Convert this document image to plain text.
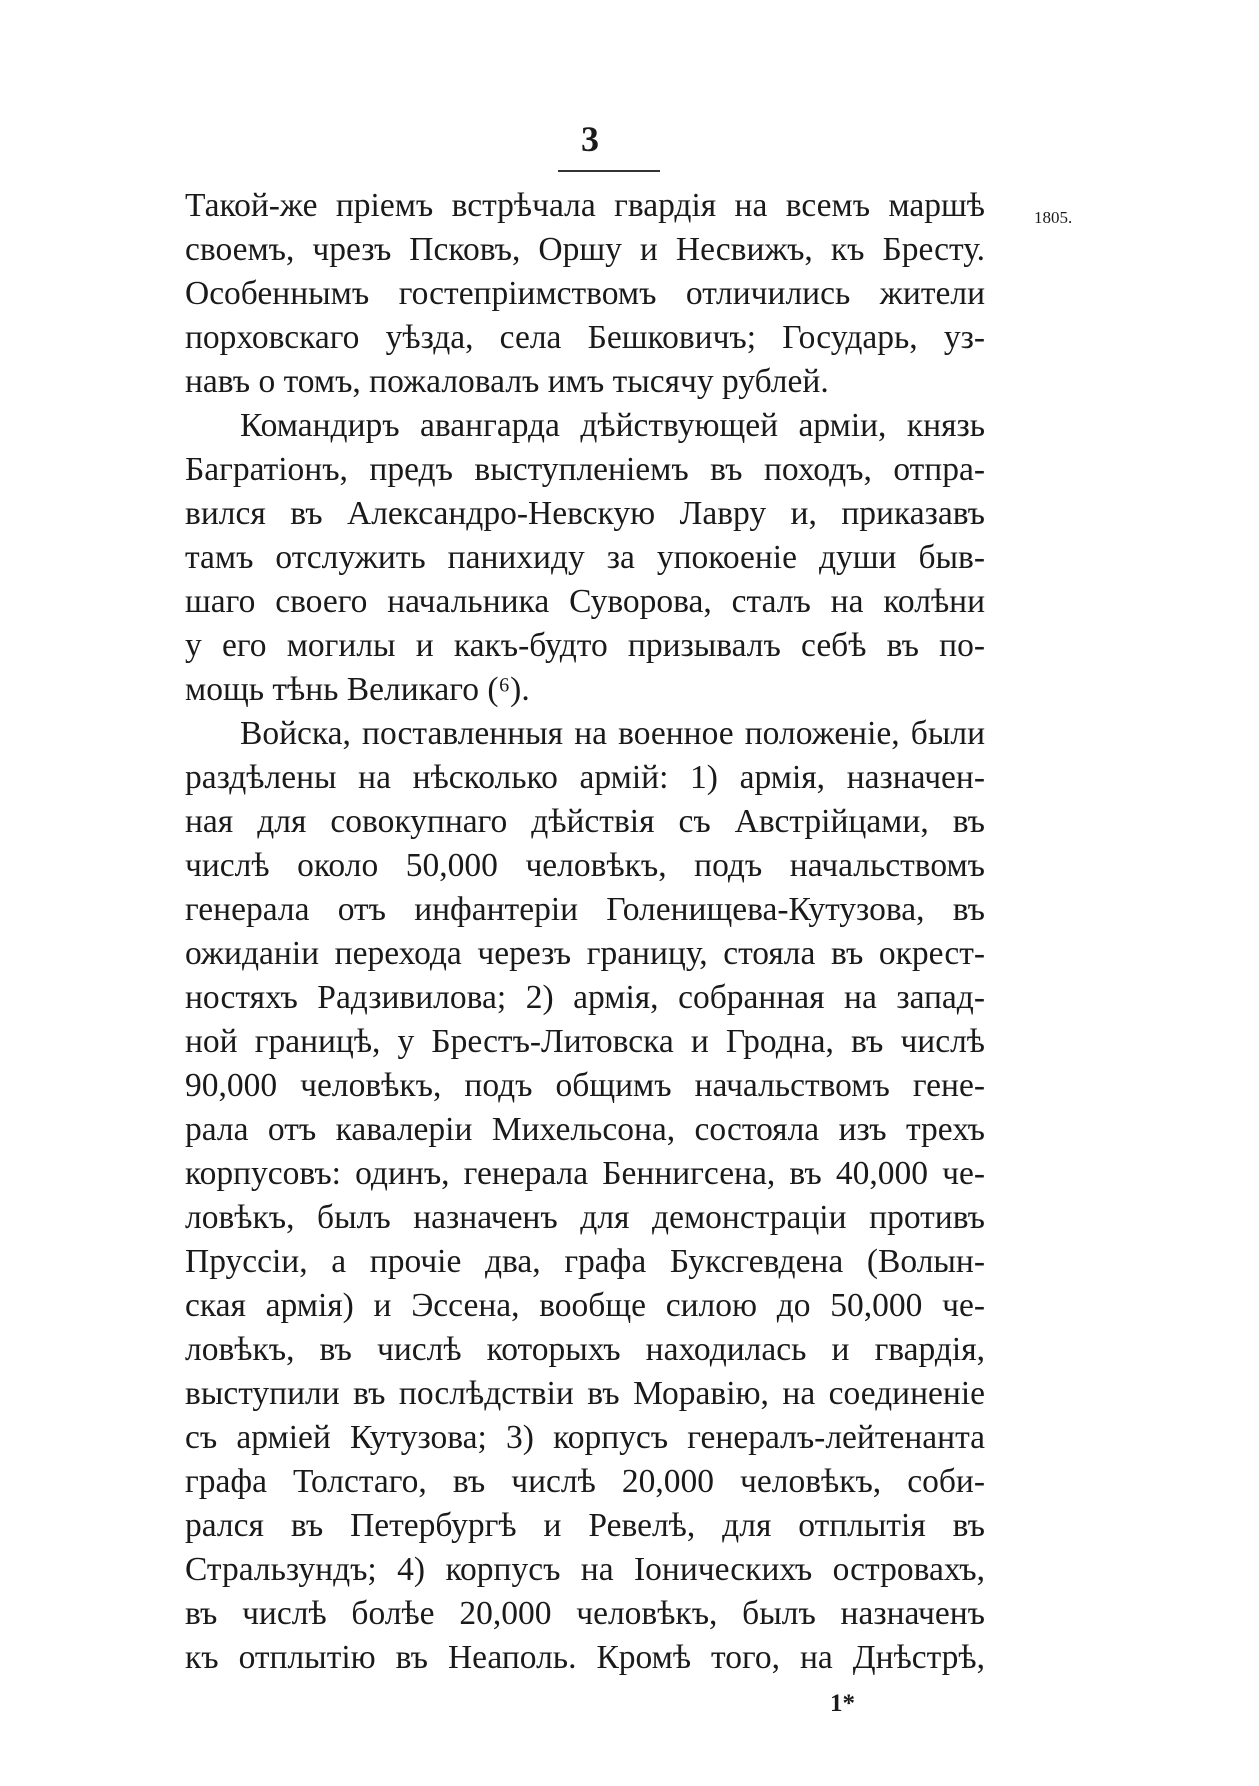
3
1805.
Такой-же пріемъ встрѣчала гвардія на всемъ маршѣ
своемъ, чрезъ Псковъ, Оршу и Несвижъ, къ Бресту.
Особеннымъ гостепріимствомъ отличились жители
порховскаго уѣзда, села Бешковичъ; Государь, уз-
навъ о томъ, пожаловалъ имъ тысячу рублей.
Командиръ авангарда дѣйствующей арміи, князь
Багратіонъ, предъ выступленіемъ въ походъ, отпра-
вился въ Александро-Невскую Лавру и, приказавъ
тамъ отслужить панихиду за упокоеніе души быв-
шаго своего начальника Суворова, сталъ на колѣни
у его могилы и какъ-будто призывалъ себѣ въ по-
мощь тѣнь Великаго (⁶).
Войска, поставленныя на военное положеніе, были
раздѣлены на нѣсколько армій: 1) армія, назначен-
ная для совокупнаго дѣйствія съ Австрійцами, въ
числѣ около 50,000 человѣкъ, подъ начальствомъ
генерала отъ инфантеріи Голенищева-Кутузова, въ
ожиданіи перехода черезъ границу, стояла въ окрест-
ностяхъ Радзивилова; 2) армія, собранная на запад-
ной границѣ, у Брестъ-Литовска и Гродна, въ числѣ
90,000 человѣкъ, подъ общимъ начальствомъ гене-
рала отъ кавалеріи Михельсона, состояла изъ трехъ
корпусовъ: одинъ, генерала Беннигсена, въ 40,000 че-
ловѣкъ, былъ назначенъ для демонстраціи противъ
Пруссіи, а прочіе два, графа Буксгевдена (Волын-
ская армія) и Эссена, вообще силою до 50,000 че-
ловѣкъ, въ числѣ которыхъ находилась и гвардія,
выступили въ послѣдствіи въ Моравію, на соединеніе
съ арміей Кутузова; 3) корпусъ генералъ-лейтенанта
графа Толстаго, въ числѣ 20,000 человѣкъ, соби-
рался въ Петербургѣ и Ревелѣ, для отплытія въ
Стральзундъ; 4) корпусъ на Іоническихъ островахъ,
въ числѣ болѣе 20,000 человѣкъ, былъ назначенъ
къ отплытію въ Неаполь. Кромѣ того, на Днѣстрѣ,
1*
